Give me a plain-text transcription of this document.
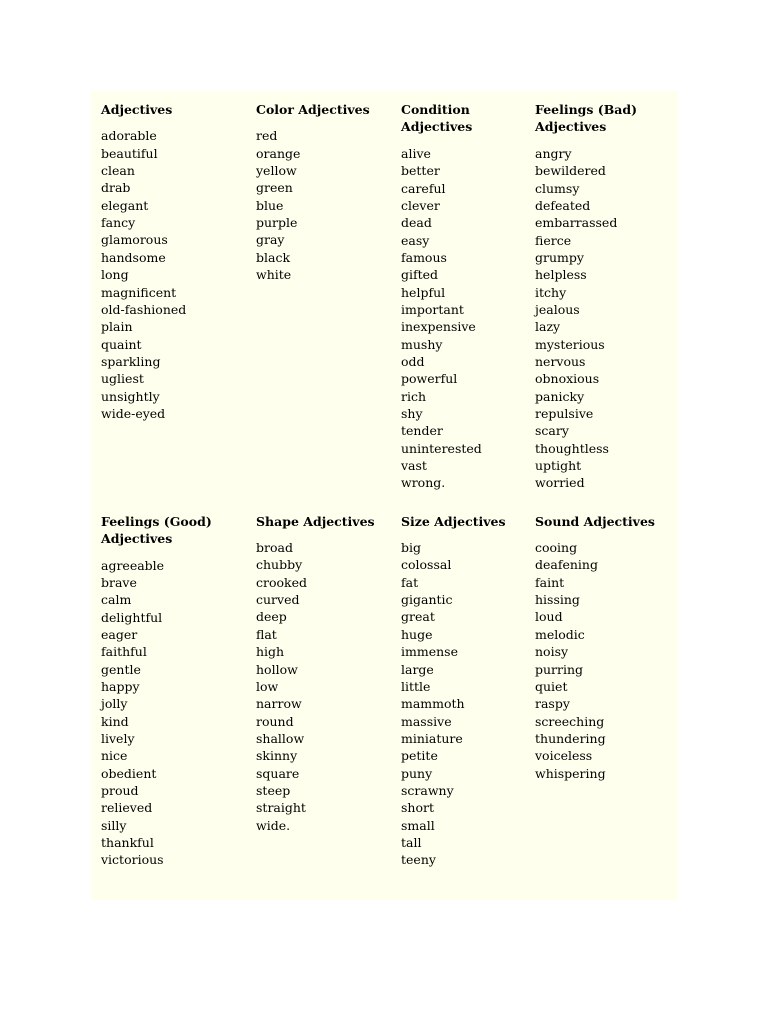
Adjectives
adorable
beautiful
clean
drab
elegant
fancy
glamorous
handsome
long
magnificent
old-fashioned
plain
quaint
sparkling
ugliest
unsightly
wide-eyed
Color Adjectives
red
orange
yellow
green
blue
purple
gray
black
white
Condition
Adjectives
alive
better
careful
clever
dead
easy
famous
gifted
helpful
important
inexpensive
mushy
odd
powerful
rich
shy
tender
uninterested
vast
wrong.
Feelings (Bad)
Adjectives
angry
bewildered
clumsy
defeated
embarrassed
fierce
grumpy
helpless
itchy
jealous
lazy
mysterious
nervous
obnoxious
panicky
repulsive
scary
thoughtless
uptight
worried
Feelings (Good)
Adjectives
agreeable
brave
calm
delightful
eager
faithful
gentle
happy
jolly
kind
lively
nice
obedient
proud
relieved
silly
thankful
victorious
Shape Adjectives
broad
chubby
crooked
curved
deep
flat
high
hollow
low
narrow
round
shallow
skinny
square
steep
straight
wide.
Size Adjectives
big
colossal
fat
gigantic
great
huge
immense
large
little
mammoth
massive
miniature
petite
puny
scrawny
short
small
tall
teeny
Sound Adjectives
cooing
deafening
faint
hissing
loud
melodic
noisy
purring
quiet
raspy
screeching
thundering
voiceless
whispering
